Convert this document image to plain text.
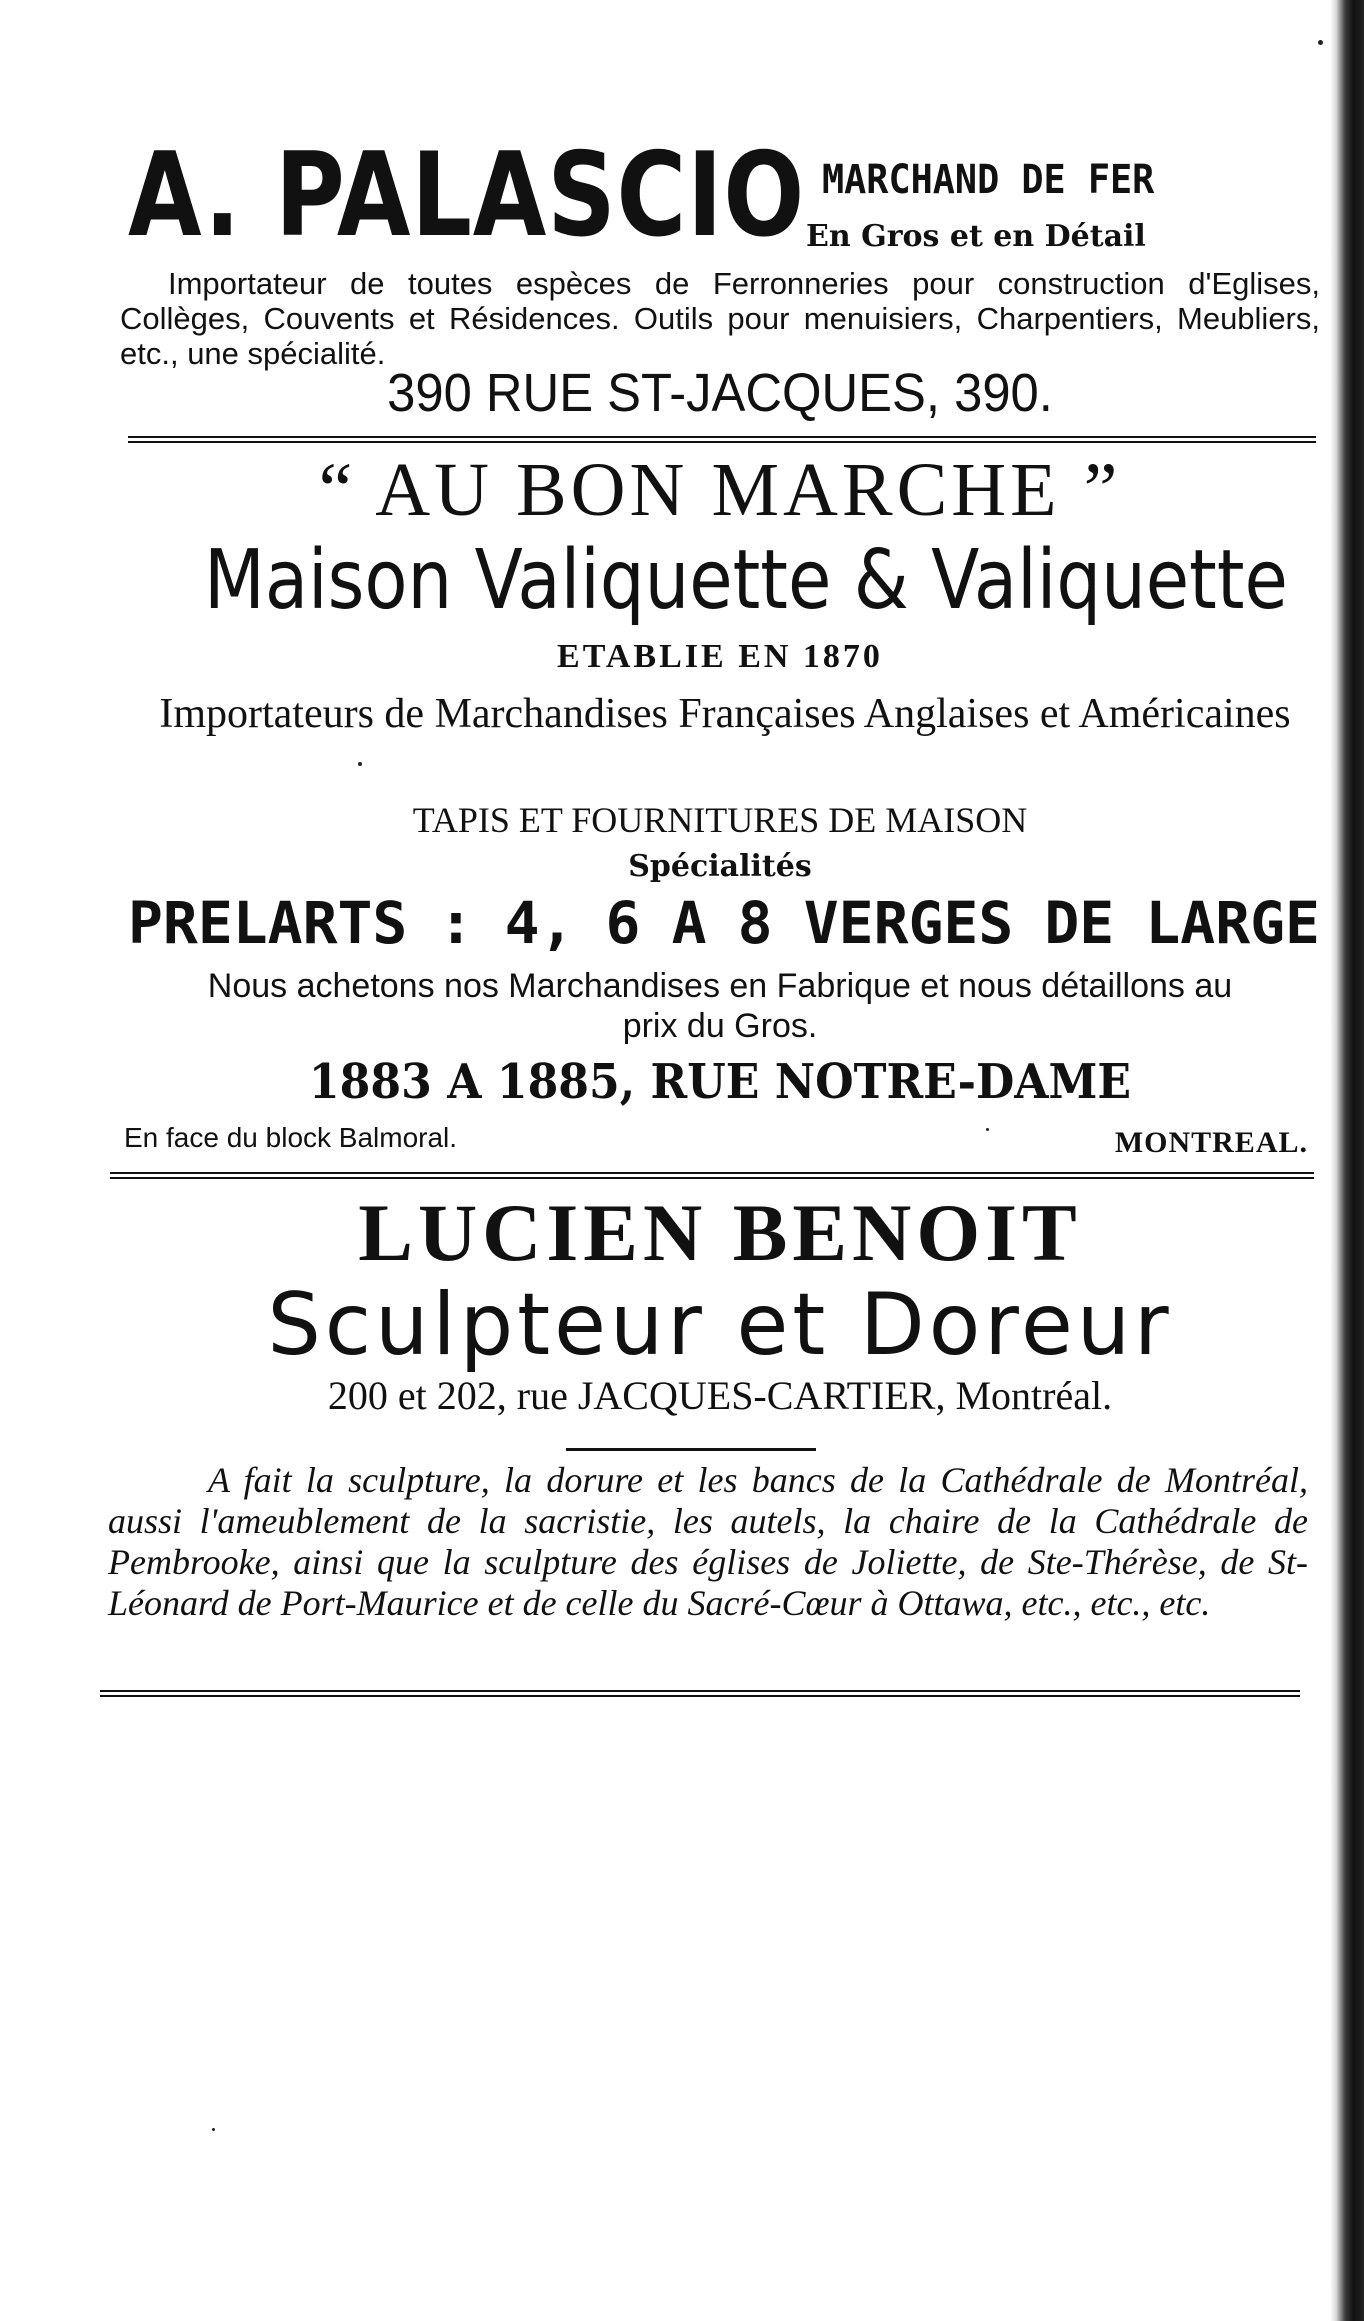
A. PALASCIO MARCHAND DE FER
En Gros et en Détail
Importateur de toutes espèces de Ferronneries pour construction d'Eglises, Collèges, Couvents et Résidences. Outils pour menuisiers, Charpentiers, Meubliers, etc., une spécialité.
390 RUE ST-JACQUES, 390.
“ AU BON MARCHE ”
Maison Valiquette & Valiquette
ETABLIE EN 1870
Importateurs de Marchandises Françaises Anglaises et Américaines
TAPIS ET FOURNITURES DE MAISON
Spécialités
PRELARTS : 4, 6 A 8 VERGES DE LARGE
Nous achetons nos Marchandises en Fabrique et nous détaillons au prix du Gros.
1883 A 1885, RUE NOTRE-DAME
En face du block Balmoral.	MONTREAL.
LUCIEN BENOIT
Sculpteur et Doreur
200 et 202, rue JACQUES-CARTIER, Montréal.
A fait la sculpture, la dorure et les bancs de la Cathédrale de Montréal, aussi l'ameublement de la sacristie, les autels, la chaire de la Cathédrale de Pembrooke, ainsi que la sculpture des églises de Joliette, de Ste-Thérèse, de St-Léonard de Port-Maurice et de celle du Sacré-Cœur à Ottawa, etc., etc., etc.
